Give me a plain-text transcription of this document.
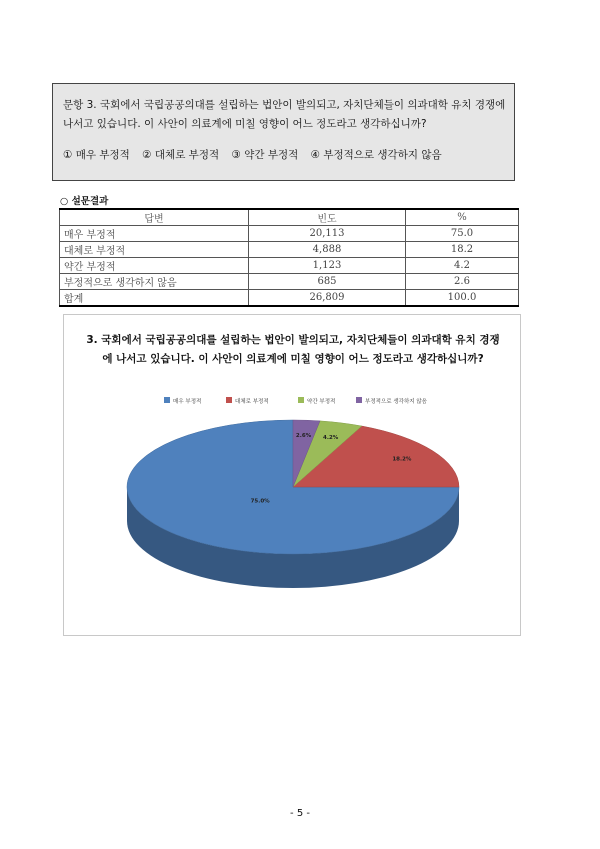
문항 3. 국회에서 국립공공의대를 설립하는 법안이 발의되고, 자치단체들이 의과대학 유치 경쟁에 나서고 있습니다. 이 사안이 의료계에 미칠 영향이 어느 정도라고 생각하십니까?

① 매우 부정적 ② 대체로 부정적 ③ 약간 부정적 ④ 부정적으로 생각하지 않음
○ 설문결과
답변	빈도	%
매우 부정적	20,113	75.0
대체로 부정적	4,888	18.2
약간 부정적	1,123	4.2
부정적으로 생각하지 않음	685	2.6
합계	26,809	100.0
3. 국회에서 국립공공의대를 설립하는 법안이 발의되고, 자치단체들이 의과대학 유치 경쟁에 나서고 있습니다. 이 사안이 의료계에 미칠 영향이 어느 정도라고 생각하십니까?
매우 부정적	대체로 부정적	약간 부정적	부정적으로 생각하지 않음
75.0%
18.2%
4.2%
2.6%
- 5 -
